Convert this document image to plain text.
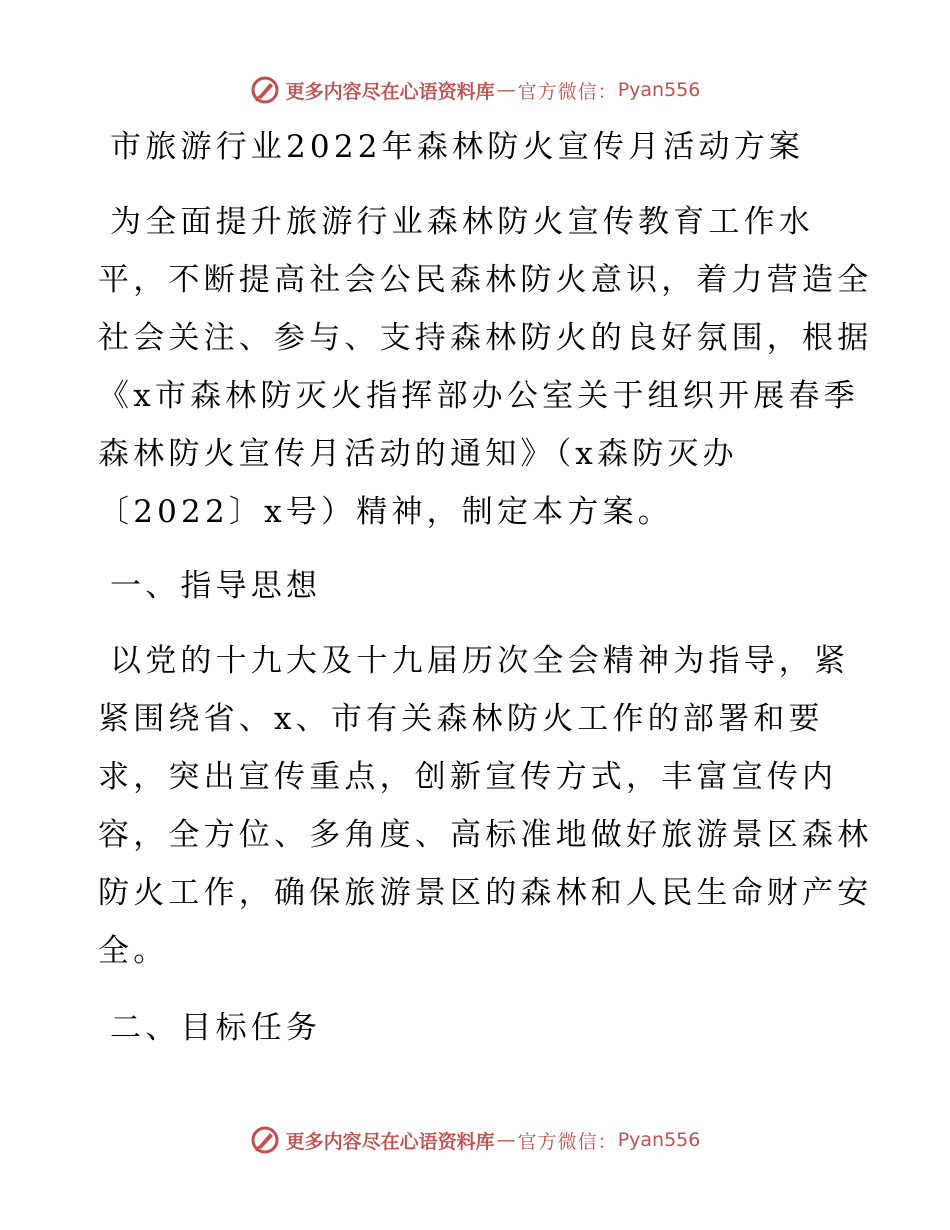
更多内容尽在心语资料库 — 官方微信： Pyan556
市旅游行业2022年森林防火宣传月活动方案
为全面提升旅游行业森林防火宣传教育工作水
平，不断提高社会公民森林防火意识，着力营造全
社会关注、参与、支持森林防火的良好氛围，根据
《x市森林防灭火指挥部办公室关于组织开展春季
森林防火宣传月活动的通知》（x森防灭办
〔2022〕x号）精神，制定本方案。
一、指导思想
以党的十九大及十九届历次全会精神为指导，紧
紧围绕省、x、市有关森林防火工作的部署和要
求，突出宣传重点，创新宣传方式，丰富宣传内
容，全方位、多角度、高标准地做好旅游景区森林
防火工作，确保旅游景区的森林和人民生命财产安
全。
二、目标任务
更多内容尽在心语资料库 — 官方微信： Pyan556
